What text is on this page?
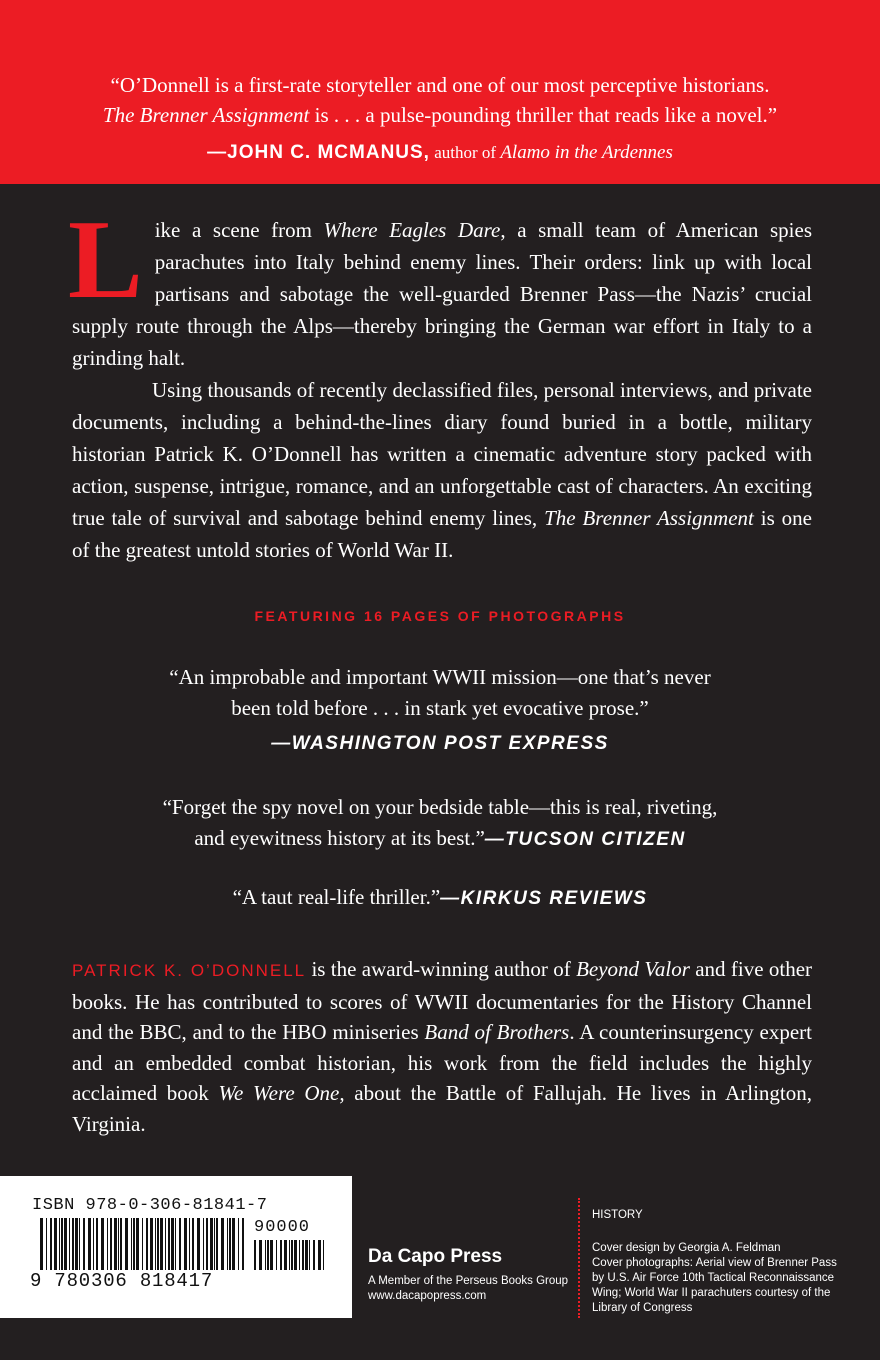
“O’Donnell is a first-rate storyteller and one of our most perceptive historians.
The Brenner Assignment is . . . a pulse-pounding thriller that reads like a novel.”
—JOHN C. MCMANUS, author of Alamo in the Ardennes

Like a scene from Where Eagles Dare, a small team of American spies parachutes into Italy behind enemy lines. Their orders: link up with local partisans and sabotage the well-guarded Brenner Pass—the Nazis’ crucial supply route through the Alps—thereby bringing the German war effort in Italy to a grinding halt.

Using thousands of recently declassified files, personal interviews, and private documents, including a behind-the-lines diary found buried in a bottle, military historian Patrick K. O’Donnell has written a cinematic adventure story packed with action, suspense, intrigue, romance, and an unforgettable cast of characters. An exciting true tale of survival and sabotage behind enemy lines, The Brenner Assignment is one of the greatest untold stories of World War II.

FEATURING 16 PAGES OF PHOTOGRAPHS
“An improbable and important WWII mission—one that’s never
been told before . . . in stark yet evocative prose.”
—WASHINGTON POST EXPRESS
“Forget the spy novel on your bedside table—this is real, riveting,
and eyewitness history at its best.”—TUCSON CITIZEN
“A taut real-life thriller.”—KIRKUS REVIEWS
PATRICK K. O’DONNELL is the award-winning author of Beyond Valor and five other books. He has contributed to scores of WWII documentaries for the History Channel and the BBC, and to the HBO miniseries Band of Brothers. A counterinsurgency expert and an embedded combat historian, his work from the field includes the highly acclaimed book We Were One, about the Battle of Fallujah. He lives in Arlington, Virginia.
ISBN 978-0-306-81841-7
90000
9 780306 818417
Da Capo Press
A Member of the Perseus Books Group
www.dacapopress.com
HISTORY
Cover design by Georgia A. Feldman
Cover photographs: Aerial view of Brenner Pass
by U.S. Air Force 10th Tactical Reconnaissance
Wing; World War II parachuters courtesy of the
Library of Congress
